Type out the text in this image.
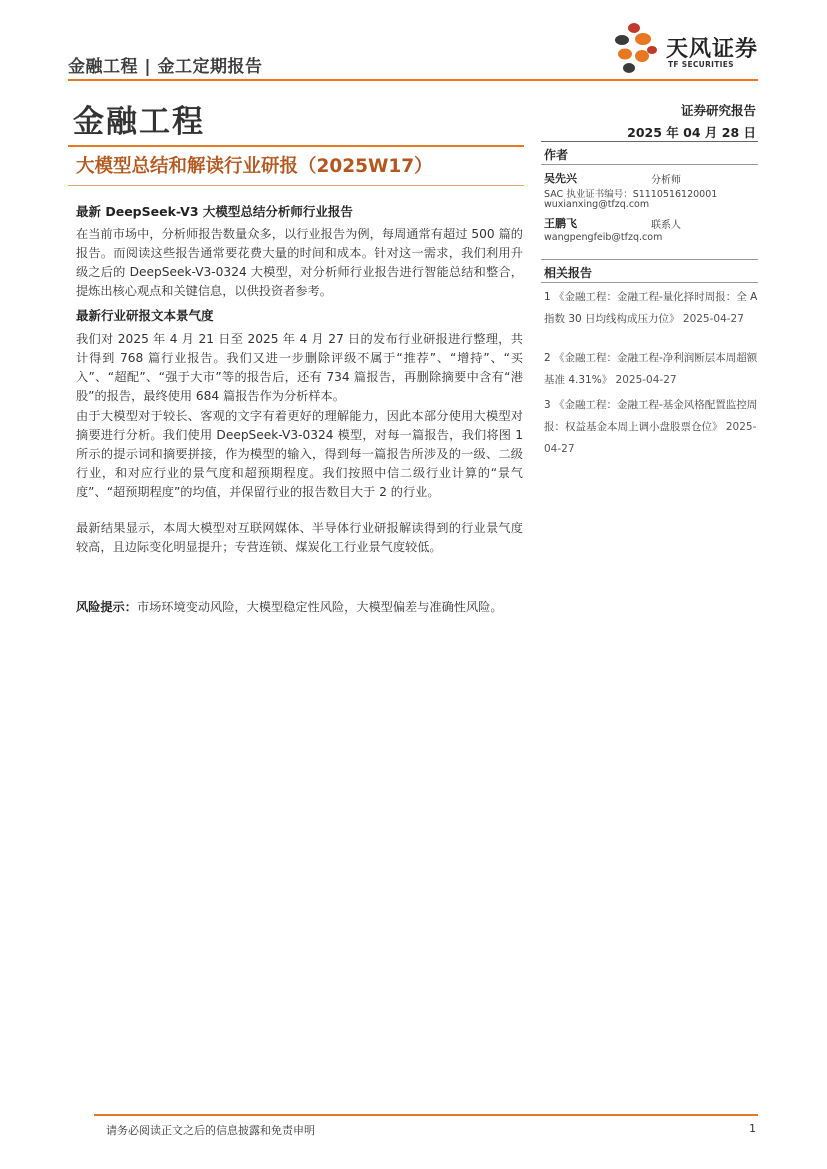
金融工程 | 金工定期报告
天风证券
TF SECURITIES
金融工程	证券研究报告
2025 年 04 月 28 日
大模型总结和解读行业研报（2025W17）
作者
吴先兴	分析师
SAC 执业证书编号：S1110516120001
wuxianxing@tfzq.com
王鹏飞	联系人
wangpengfeib@tfzq.com
相关报告
1 《金融工程：金融工程-量化择时周报：全 A 指数 30 日均线构成压力位》 2025-04-27
2 《金融工程：金融工程-净利润断层本周超额基准 4.31%》 2025-04-27
3 《金融工程：金融工程-基金风格配置监控周报：权益基金本周上调小盘股票仓位》 2025-04-27
最新 DeepSeek-V3 大模型总结分析师行业报告
在当前市场中，分析师报告数量众多，以行业报告为例，每周通常有超过 500 篇的报告。而阅读这些报告通常要花费大量的时间和成本。针对这一需求，我们利用升级之后的 DeepSeek-V3-0324 大模型，对分析师行业报告进行智能总结和整合，提炼出核心观点和关键信息，以供投资者参考。
最新行业研报文本景气度
我们对 2025 年 4 月 21 日至 2025 年 4 月 27 日的发布行业研报进行整理，共计得到 768 篇行业报告。我们又进一步删除评级不属于“推荐”、“增持”、“买入”、“超配”、“强于大市”等的报告后，还有 734 篇报告，再删除摘要中含有“港股”的报告，最终使用 684 篇报告作为分析样本。
由于大模型对于较长、客观的文字有着更好的理解能力，因此本部分使用大模型对摘要进行分析。我们使用 DeepSeek-V3-0324 模型，对每一篇报告，我们将图 1 所示的提示词和摘要拼接，作为模型的输入，得到每一篇报告所涉及的一级、二级行业，和对应行业的景气度和超预期程度。我们按照中信二级行业计算的“景气度”、“超预期程度”的均值，并保留行业的报告数目大于 2 的行业。
最新结果显示，本周大模型对互联网媒体、半导体行业研报解读得到的行业景气度较高，且边际变化明显提升；专营连锁、煤炭化工行业景气度较低。
风险提示：市场环境变动风险，大模型稳定性风险，大模型偏差与准确性风险。
请务必阅读正文之后的信息披露和免责申明	1
